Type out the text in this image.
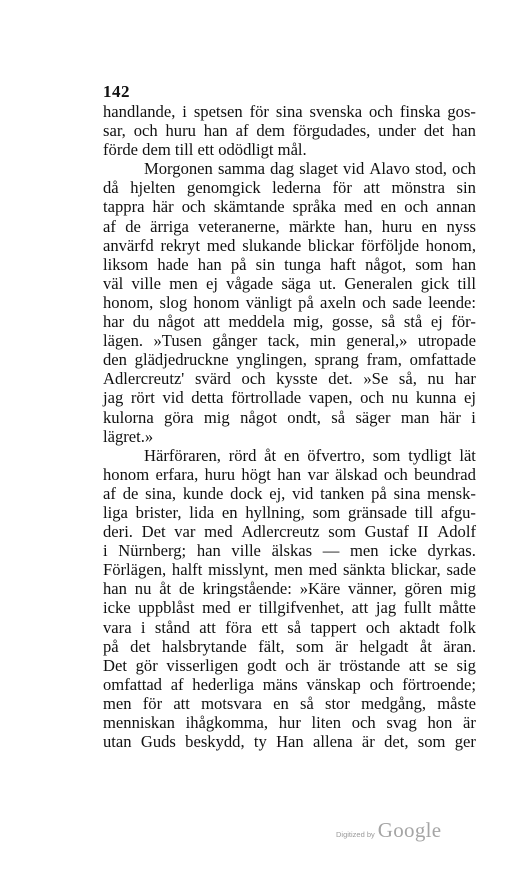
142
handlande, i spetsen för sina svenska och finska gos-
sar, och huru han af dem förgudades, under det han
förde dem till ett odödligt mål.
Morgonen samma dag slaget vid Alavo stod, och
då hjelten genomgick lederna för att mönstra sin
tappra här och skämtande språka med en och annan
af de ärriga veteranerne, märkte han, huru en nyss
anvärfd rekryt med slukande blickar förföljde honom,
liksom hade han på sin tunga haft något, som han
väl ville men ej vågade säga ut. Generalen gick till
honom, slog honom vänligt på axeln och sade leende:
har du något att meddela mig, gosse, så stå ej för-
lägen. »Tusen gånger tack, min general,» utropade
den glädjedruckne ynglingen, sprang fram, omfattade
Adlercreutz' svärd och kysste det. »Se så, nu har
jag rört vid detta förtrollade vapen, och nu kunna ej
kulorna göra mig något ondt, så säger man här i
lägret.»
Härföraren, rörd åt en öfvertro, som tydligt lät
honom erfara, huru högt han var älskad och beundrad
af de sina, kunde dock ej, vid tanken på sina mensk-
liga brister, lida en hyllning, som gränsade till afgu-
deri. Det var med Adlercreutz som Gustaf II Adolf
i Nürnberg; han ville älskas — men icke dyrkas.
Förlägen, halft misslynt, men med sänkta blickar, sade
han nu åt de kringstående: »Käre vänner, gören mig
icke uppblåst med er tillgifvenhet, att jag fullt måtte
vara i stånd att föra ett så tappert och aktadt folk
på det halsbrytande fält, som är helgadt åt äran.
Det gör visserligen godt och är tröstande att se sig
omfattad af hederliga mäns vänskap och förtroende;
men för att motsvara en så stor medgång, måste
menniskan ihågkomma, hur liten och svag hon är
utan Guds beskydd, ty Han allena är det, som ger
Digitized by Google
